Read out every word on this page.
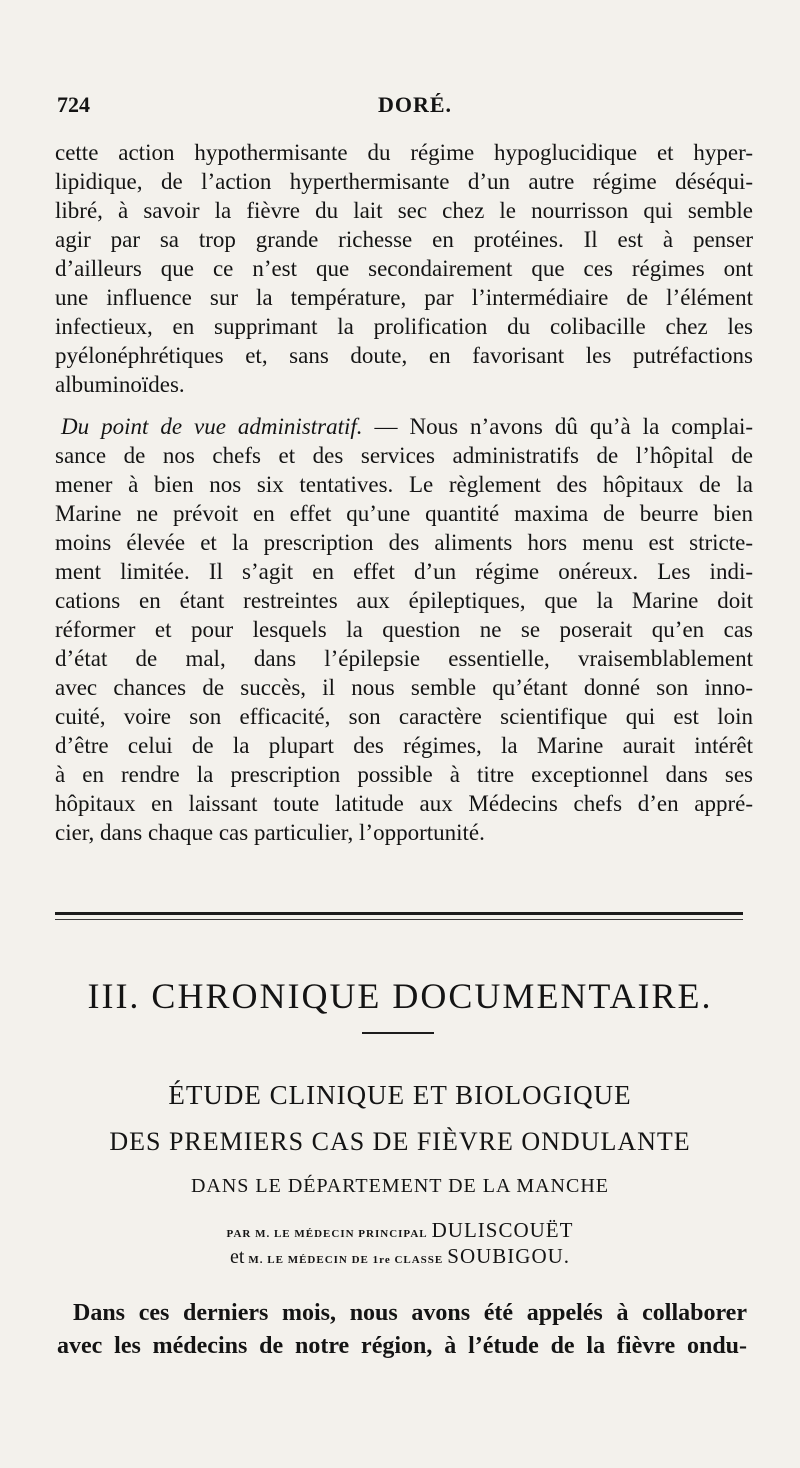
724	DORÉ.
cette action hypothermisante du régime hypoglucidique et hyper-
lipidique, de l’action hyperthermisante d’un autre régime déséqui-
libré, à savoir la fièvre du lait sec chez le nourrisson qui semble
agir par sa trop grande richesse en protéines. Il est à penser
d’ailleurs que ce n’est que secondairement que ces régimes ont
une influence sur la température, par l’intermédiaire de l’élément
infectieux, en supprimant la prolification du colibacille chez les
pyélonéphrétiques et, sans doute, en favorisant les putréfactions
albuminoïdes.
Du point de vue administratif. — Nous n’avons dû qu’à la complai-
sance de nos chefs et des services administratifs de l’hôpital de
mener à bien nos six tentatives. Le règlement des hôpitaux de la
Marine ne prévoit en effet qu’une quantité maxima de beurre bien
moins élevée et la prescription des aliments hors menu est stricte-
ment limitée. Il s’agit en effet d’un régime onéreux. Les indi-
cations en étant restreintes aux épileptiques, que la Marine doit
réformer et pour lesquels la question ne se poserait qu’en cas
d’état de mal, dans l’épilepsie essentielle, vraisemblablement
avec chances de succès, il nous semble qu’étant donné son inno-
cuité, voire son efficacité, son caractère scientifique qui est loin
d’être celui de la plupart des régimes, la Marine aurait intérêt
à en rendre la prescription possible à titre exceptionnel dans ses
hôpitaux en laissant toute latitude aux Médecins chefs d’en appré-
cier, dans chaque cas particulier, l’opportunité.
III. CHRONIQUE DOCUMENTAIRE.
ÉTUDE CLINIQUE ET BIOLOGIQUE
DES PREMIERS CAS DE FIÈVRE ONDULANTE
DANS LE DÉPARTEMENT DE LA MANCHE
PAR M. LE MÉDECIN PRINCIPAL DULISCOUËT
et M. LE MÉDECIN DE 1re CLASSE SOUBIGOU.
Dans ces derniers mois, nous avons été appelés à collaborer
avec les médecins de notre région, à l’étude de la fièvre ondu-
